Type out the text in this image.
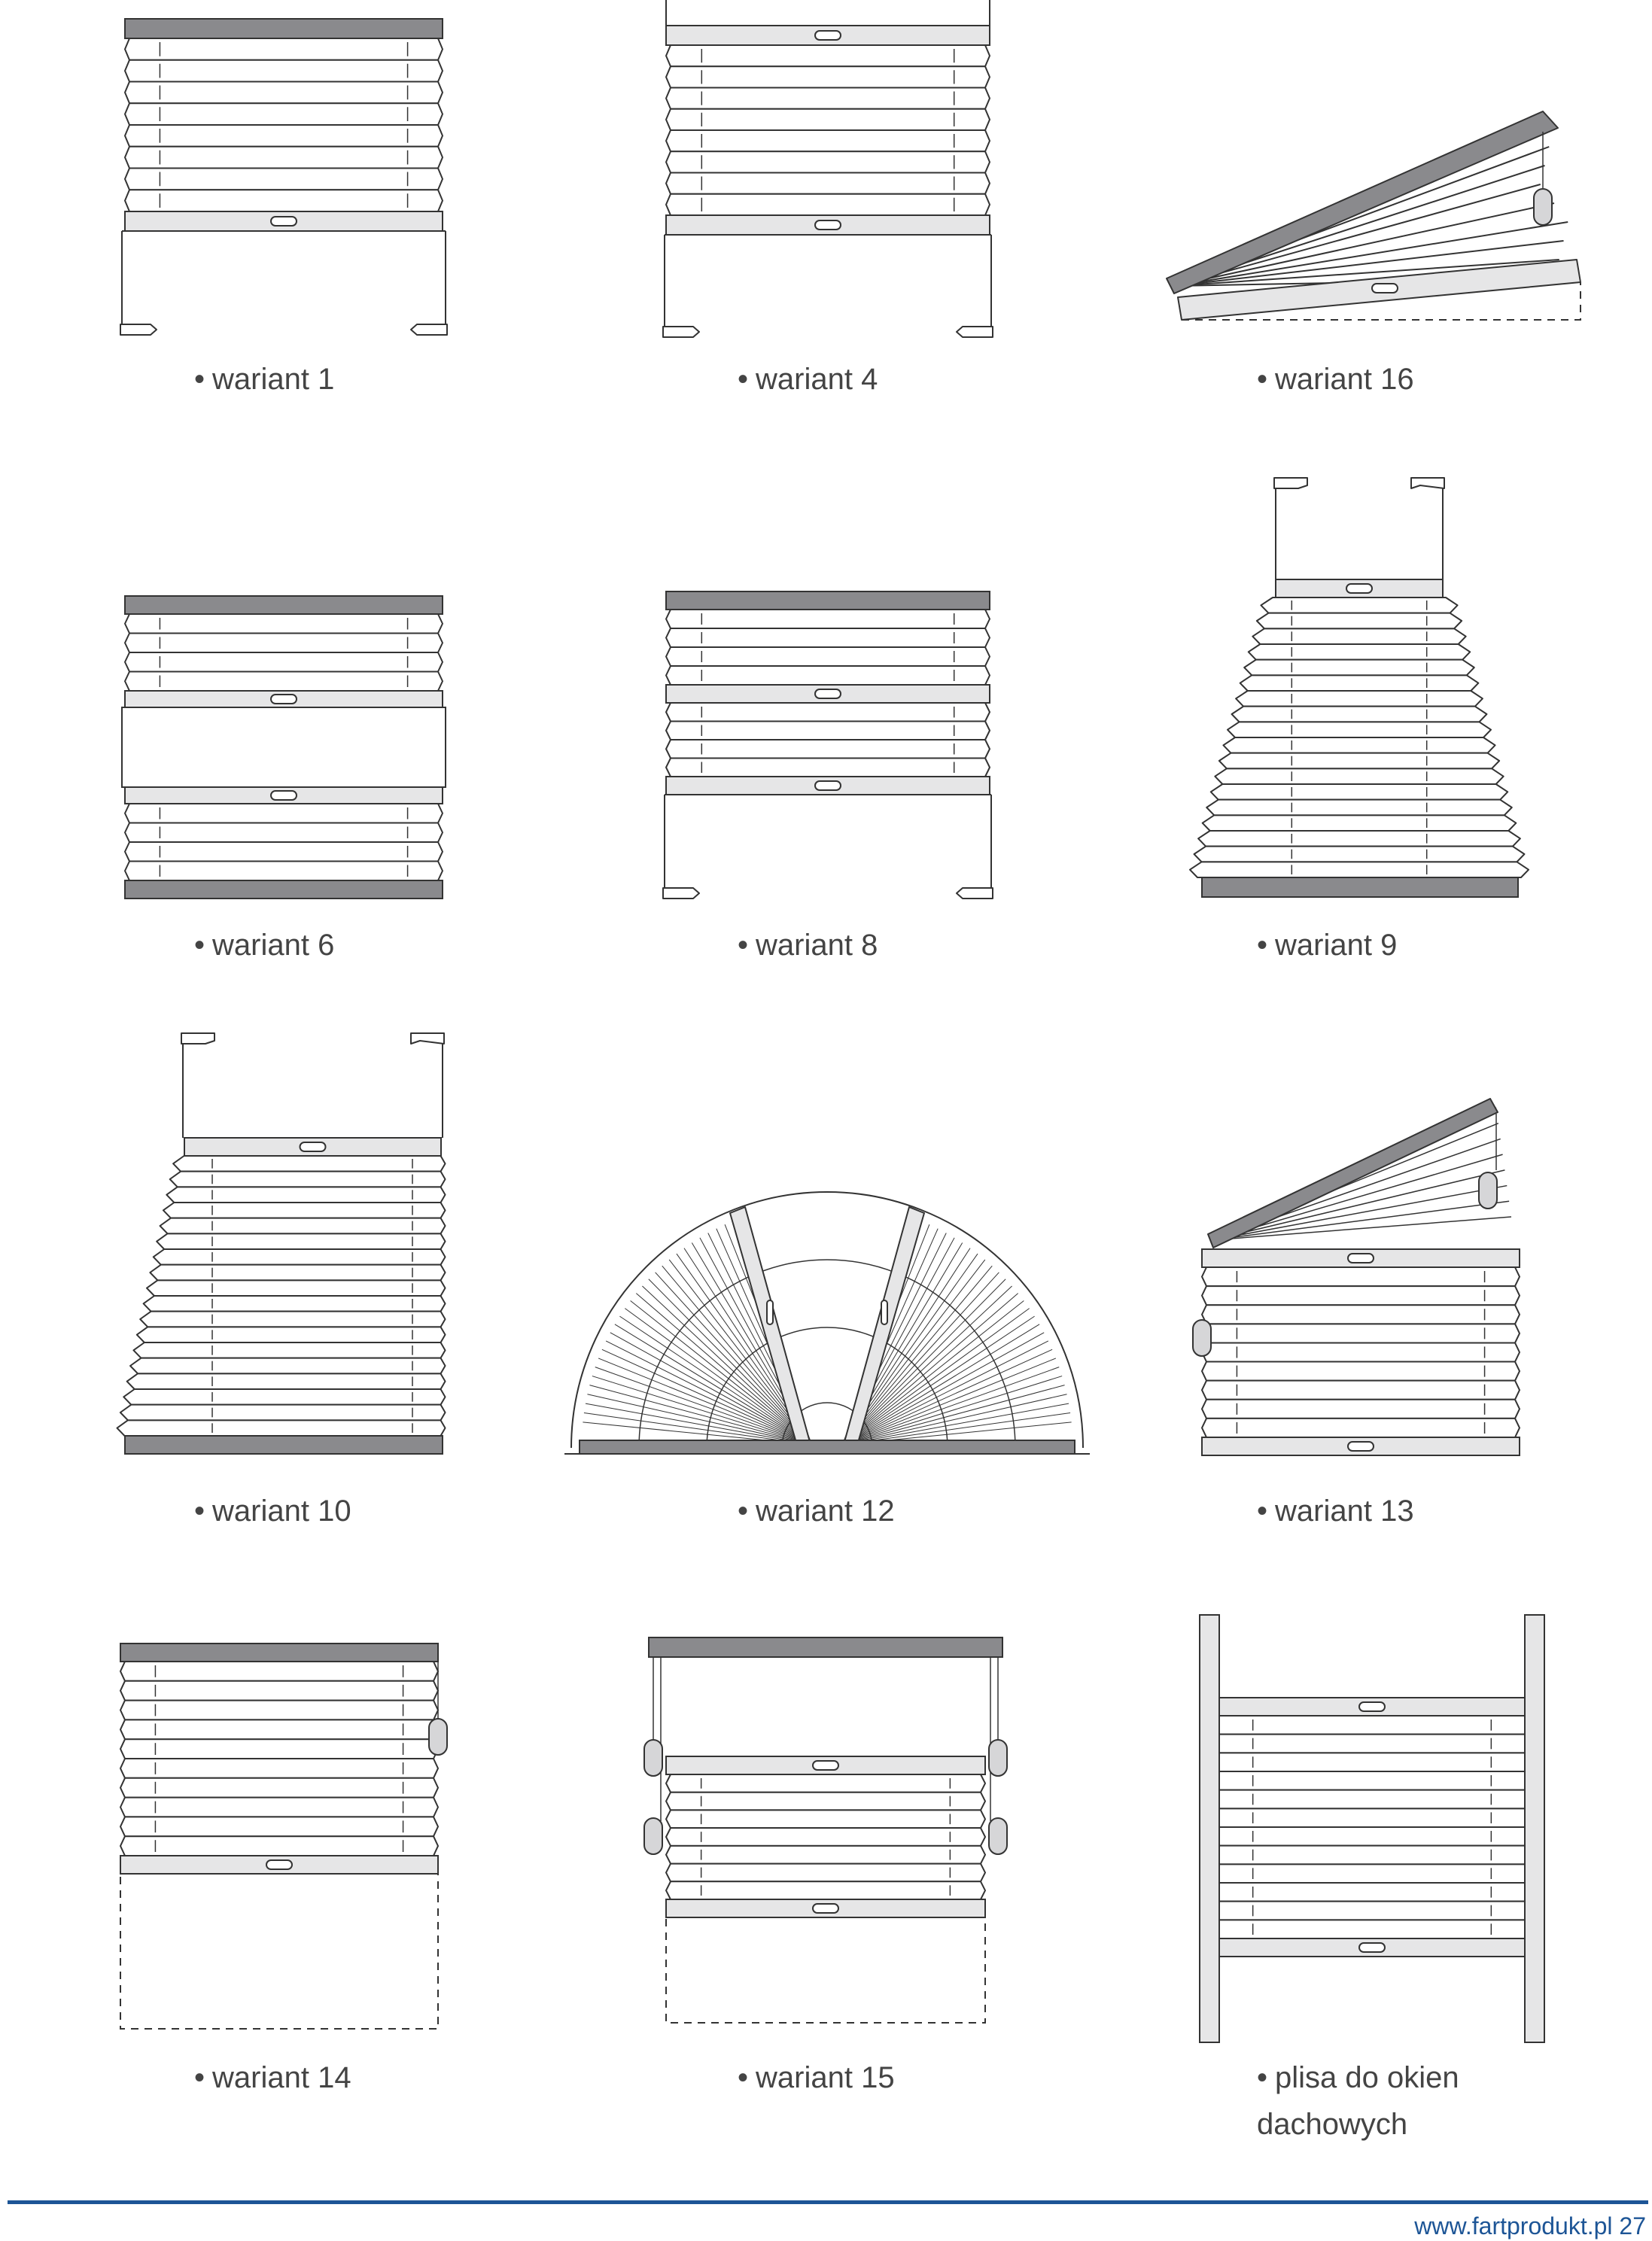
• wariant 1	• wariant 4	• wariant 16
• wariant 6	• wariant 8	• wariant 9
• wariant 10	• wariant 12	• wariant 13
• wariant 14	• wariant 15	• plisa do okien
dachowych
www.fartprodukt.pl 27
